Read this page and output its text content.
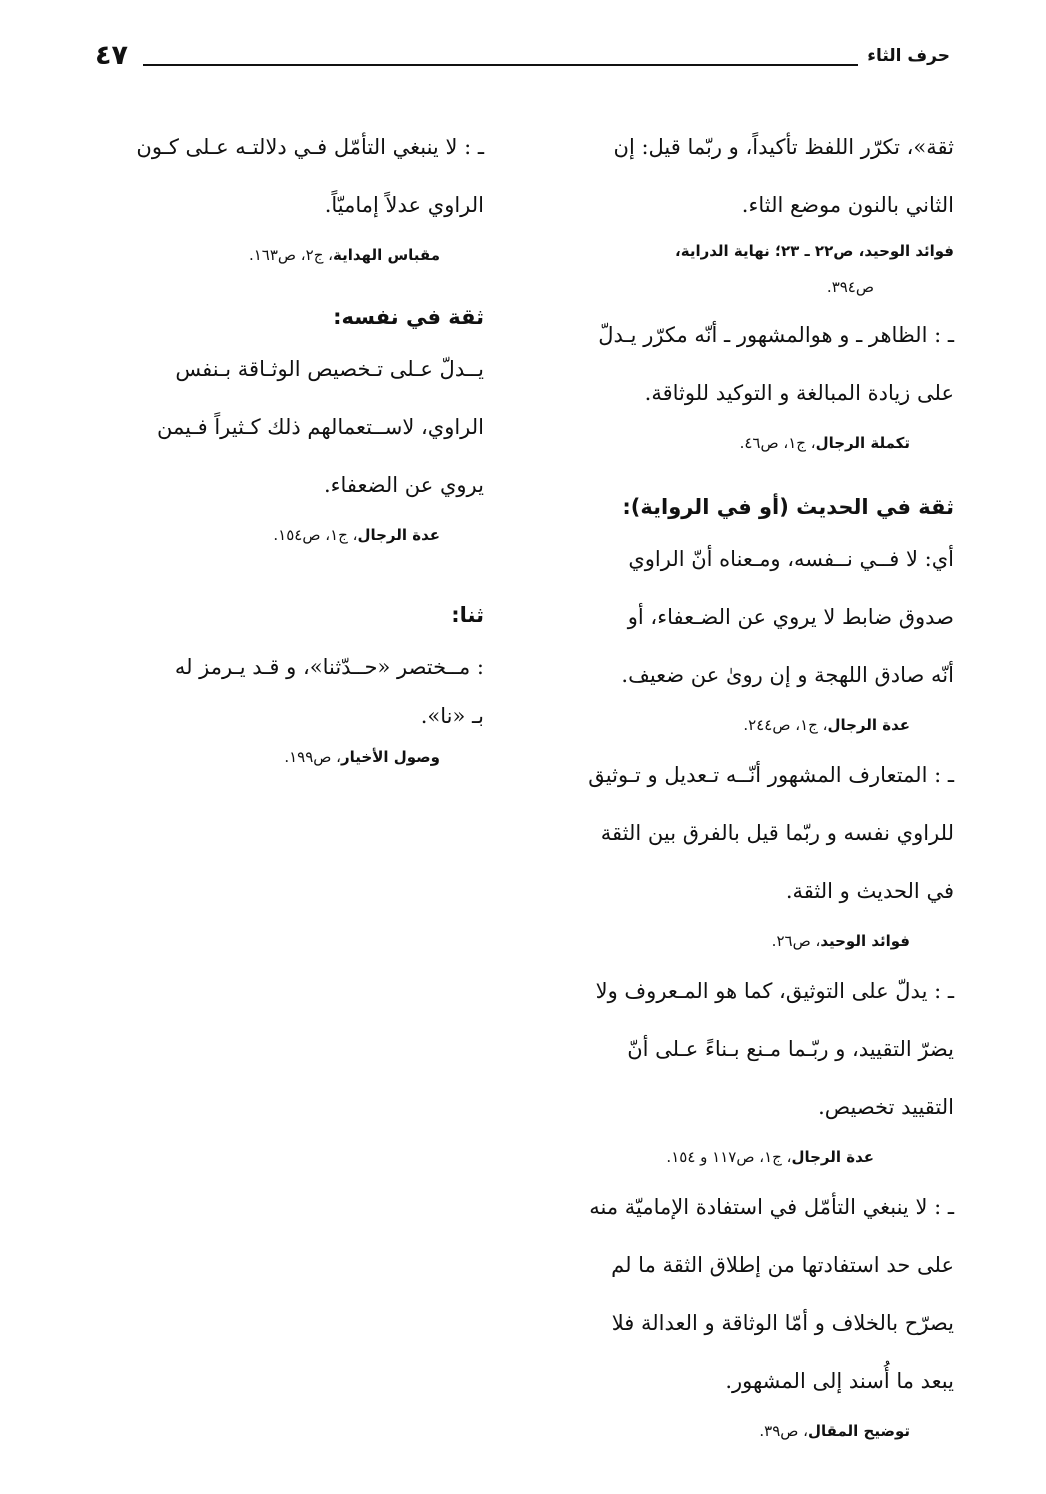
٤٧	حرف الثاء
ثقة»، تكرّر اللفظ تأكيداً، و ربّما قيل: إن
الثاني بالنون موضع الثاء.
فوائد الوحيد، ص٢٢ ـ ٢٣؛ نهاية الدراية،
ص٣٩٤.
ـ : الظاهر ـ و هوالمشهور ـ أنّه مكرّر يـدلّ
على زيادة المبالغة و التوكيد للوثاقة.
تكملة الرجال، ج١، ص٤٦.
ثقة في الحديث (أو في الرواية):
أي: لا فــي نــفسه، ومـعناه أنّ الراوي
صدوق ضابط لا يروي عن الضـعفاء، أو
أنّه صادق اللهجة و إن روىٰ عن ضعيف.
عدة الرجال، ج١، ص٢٤٤.
ـ : المتعارف المشهور أنّــه تـعديل و تـوثيق
للراوي نفسه و ربّما قيل بالفرق بين الثقة
في الحديث و الثقة.
فوائد الوحيد، ص٢٦.
ـ : يدلّ على التوثيق، كما هو المـعروف ولا
يضرّ التقييد، و ربّـما مـنع بـناءً عـلى أنّ
التقييد تخصيص.
عدة الرجال، ج١، ص١١٧ و ١٥٤.
ـ : لا ينبغي التأمّل في استفادة الإماميّة منه
على حد استفادتها من إطلاق الثقة ما لم
يصرّح بالخلاف و أمّا الوثاقة و العدالة فلا
يبعد ما أُسند إلى المشهور.
توضيح المقال، ص٣٩.
ـ : لا ينبغي التأمّل فـي دلالتـه عـلى كـون
الراوي عدلاً إماميّاً.
مقباس الهداية، ج٢، ص١٦٣.
ثقة في نفسه:
يــدلّ عـلى تـخصيص الوثـاقة بـنفس
الراوي، لاســتعمالهم ذلك كـثيراً فـيمن
يروي عن الضعفاء.
عدة الرجال، ج١، ص١٥٤.
ثنا:
: مــختصر «حــدّثنا»، و قـد يـرمز له
بـ «نا».
وصول الأخيار، ص١٩٩.
